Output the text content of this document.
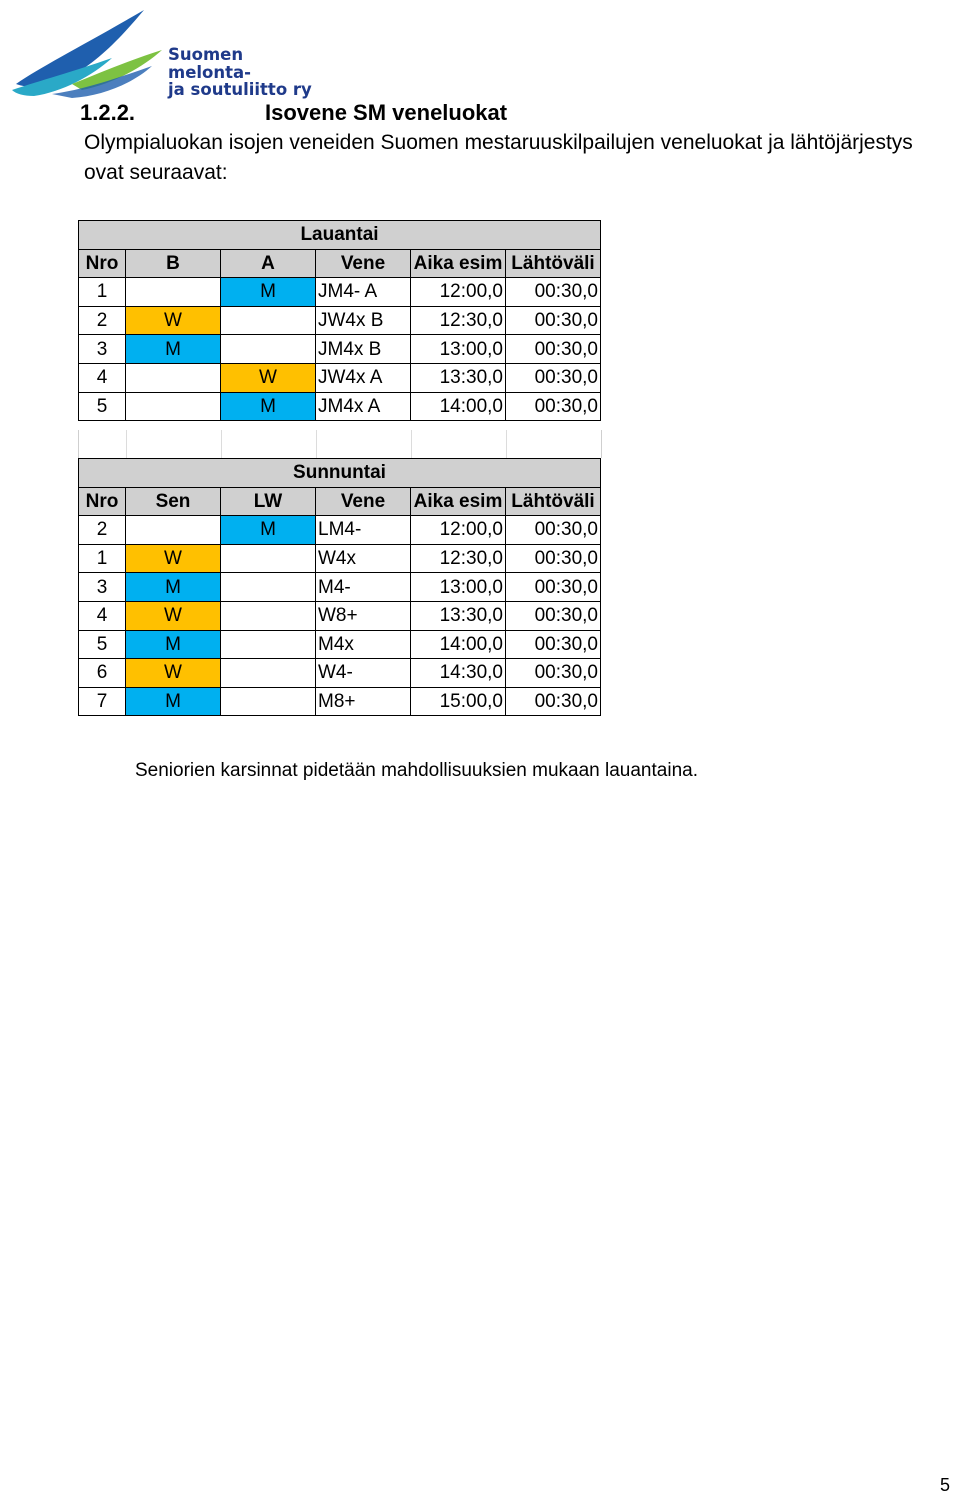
Suomen
melonta-
ja soutuliitto ry
1.2.2.	Isovene SM veneluokat
Olympialuokan isojen veneiden Suomen mestaruuskilpailujen veneluokat ja lähtöjärjestys ovat seuraavat:
Lauantai					
Nro	B	A	Vene	Aika esim	Lähtöväli
1		M	JM4- A	12:00,0	00:30,0
2	W		JW4x B	12:30,0	00:30,0
3	M		JM4x B	13:00,0	00:30,0
4		W	JW4x A	13:30,0	00:30,0
5		M	JM4x A	14:00,0	00:30,0
Sunnuntai					
Nro	Sen	LW	Vene	Aika esim	Lähtöväli
2		M	LM4-	12:00,0	00:30,0
1	W		W4x	12:30,0	00:30,0
3	M		M4-	13:00,0	00:30,0
4	W		W8+	13:30,0	00:30,0
5	M		M4x	14:00,0	00:30,0
6	W		W4-	14:30,0	00:30,0
7	M		M8+	15:00,0	00:30,0
Seniorien karsinnat pidetään mahdollisuuksien mukaan lauantaina.
5
